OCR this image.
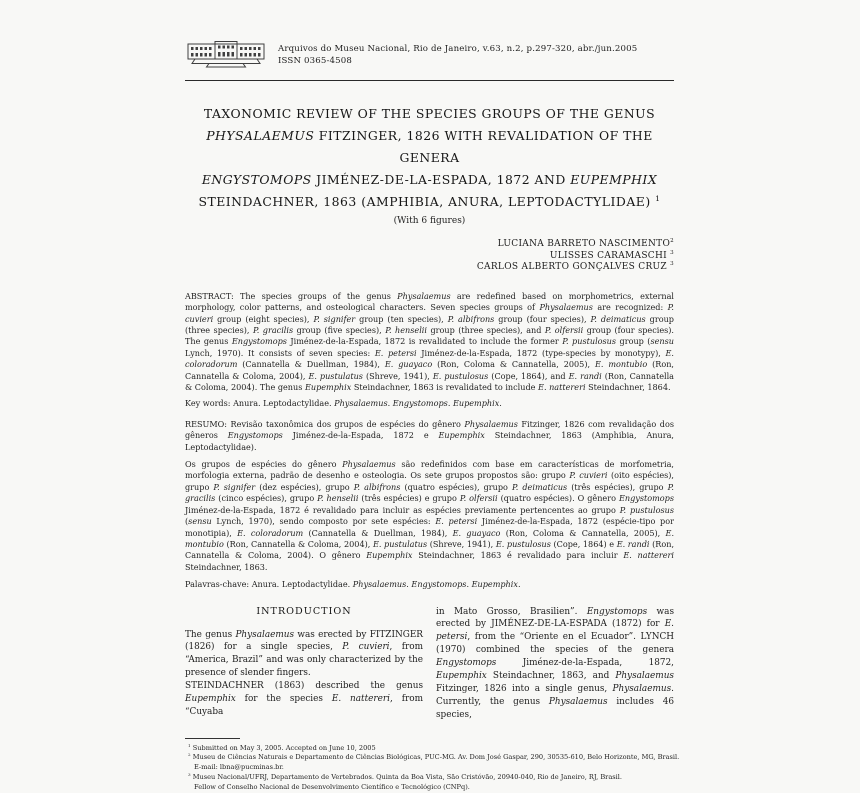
Arquivos do Museu Nacional, Rio de Janeiro, v.63, n.2, p.297-320, abr./jun.2005
ISSN 0365-4508
TAXONOMIC REVIEW OF THE SPECIES GROUPS OF THE GENUS
PHYSALAEMUS FITZINGER, 1826 WITH REVALIDATION OF THE GENERA
ENGYSTOMOPS JIMÉNEZ-DE-LA-ESPADA, 1872 AND EUPEMPHIX
STEINDACHNER, 1863 (AMPHIBIA, ANURA, LEPTODACTYLIDAE) $^1$
(With 6 figures)
LUCIANA BARRETO NASCIMENTO$^2$
ULISSES CARAMASCHI $^3$
CARLOS ALBERTO GONÇALVES CRUZ $^3$
ABSTRACT: The species groups of the genus Physalaemus are redefined based on morphometrics, external morphology, color patterns, and osteological characters. Seven species groups of Physalaemus are recognized: P. cuvieri group (eight species), P. signifer group (ten species), P. albifrons group (four species), P. deimaticus group (three species), P. gracilis group (five species), P. henselii group (three species), and P. olfersii group (four species). The genus Engystomops Jiménez-de-la-Espada, 1872 is revalidated to include the former P. pustulosus group (sensu Lynch, 1970). It consists of seven species: E. petersi Jiménez-de-la-Espada, 1872 (type-species by monotypy), E. coloradorum (Cannatella & Duellman, 1984), E. guayaco (Ron, Coloma & Cannatella, 2005), E. montubio (Ron, Cannatella & Coloma, 2004), E. pustulatus (Shreve, 1941), E. pustulosus (Cope, 1864), and E. randi (Ron, Cannatella & Coloma, 2004). The genus Eupemphix Steindachner, 1863 is revalidated to include E. nattereri Steindachner, 1864.
Key words: Anura. Leptodactylidae. Physalaemus. Engystomops. Eupemphix.
RESUMO: Revisão taxonômica dos grupos de espécies do gênero Physalaemus Fitzinger, 1826 com revalidação dos gêneros Engystomops Jiménez-de-la-Espada, 1872 e Eupemphix Steindachner, 1863 (Amphibia, Anura, Leptodactylidae).
Os grupos de espécies do gênero Physalaemus são redefinidos com base em características de morfometria, morfologia externa, padrão de desenho e osteologia. Os sete grupos propostos são: grupo P. cuvieri (oito espécies), grupo P. signifer (dez espécies), grupo P. albifrons (quatro espécies), grupo P. deimaticus (três espécies), grupo P. gracilis (cinco espécies), grupo P. henselii (três espécies) e grupo P. olfersii (quatro espécies). O gênero Engystomops Jiménez-de-la-Espada, 1872 é revalidado para incluir as espécies previamente pertencentes ao grupo P. pustulosus (sensu Lynch, 1970), sendo composto por sete espécies: E. petersi Jiménez-de-la-Espada, 1872 (espécie-tipo por monotipia), E. coloradorum (Cannatella & Duellman, 1984), E. guayaco (Ron, Coloma & Cannatella, 2005), E. montubio (Ron, Cannatella & Coloma, 2004), E. pustulatus (Shreve, 1941), E. pustulosus (Cope, 1864) e E. randi (Ron, Cannatella & Coloma, 2004). O gênero Eupemphix Steindachner, 1863 é revalidado para incluir E. nattereri Steindachner, 1863.
Palavras-chave: Anura. Leptodactylidae. Physalaemus. Engystomops. Eupemphix.
INTRODUCTION
The genus Physalaemus was erected by FITZINGER (1826) for a single species, P. cuvieri, from “America, Brazil” and was only characterized by the presence of slender fingers.
STEINDACHNER (1863) described the genus Eupemphix for the species E. nattereri, from “Cuyaba
in Mato Grosso, Brasilien”. Engystomops was erected by JIMÉNEZ-DE-LA-ESPADA (1872) for E. petersi, from the “Oriente en el Ecuador”. LYNCH (1970) combined the species of the genera Engystomops Jiménez-de-la-Espada, 1872, Eupemphix Steindachner, 1863, and Physalaemus Fitzinger, 1826 into a single genus, Physalaemus. Currently, the genus Physalaemus includes 46 species,
$^1$ Submitted on May 3, 2005. Accepted on June 10, 2005
$^2$ Museu de Ciências Naturais e Departamento de Ciências Biológicas, PUC-MG. Av. Dom José Gaspar, 290, 30535-610, Belo Horizonte, MG, Brasil.
E-mail: lbna@pucminas.br.
$^3$ Museu Nacional/UFRJ, Departamento de Vertebrados. Quinta da Boa Vista, São Cristóvão, 20940-040, Rio de Janeiro, RJ, Brasil.
Fellow of Conselho Nacional de Desenvolvimento Científico e Tecnológico (CNPq).
